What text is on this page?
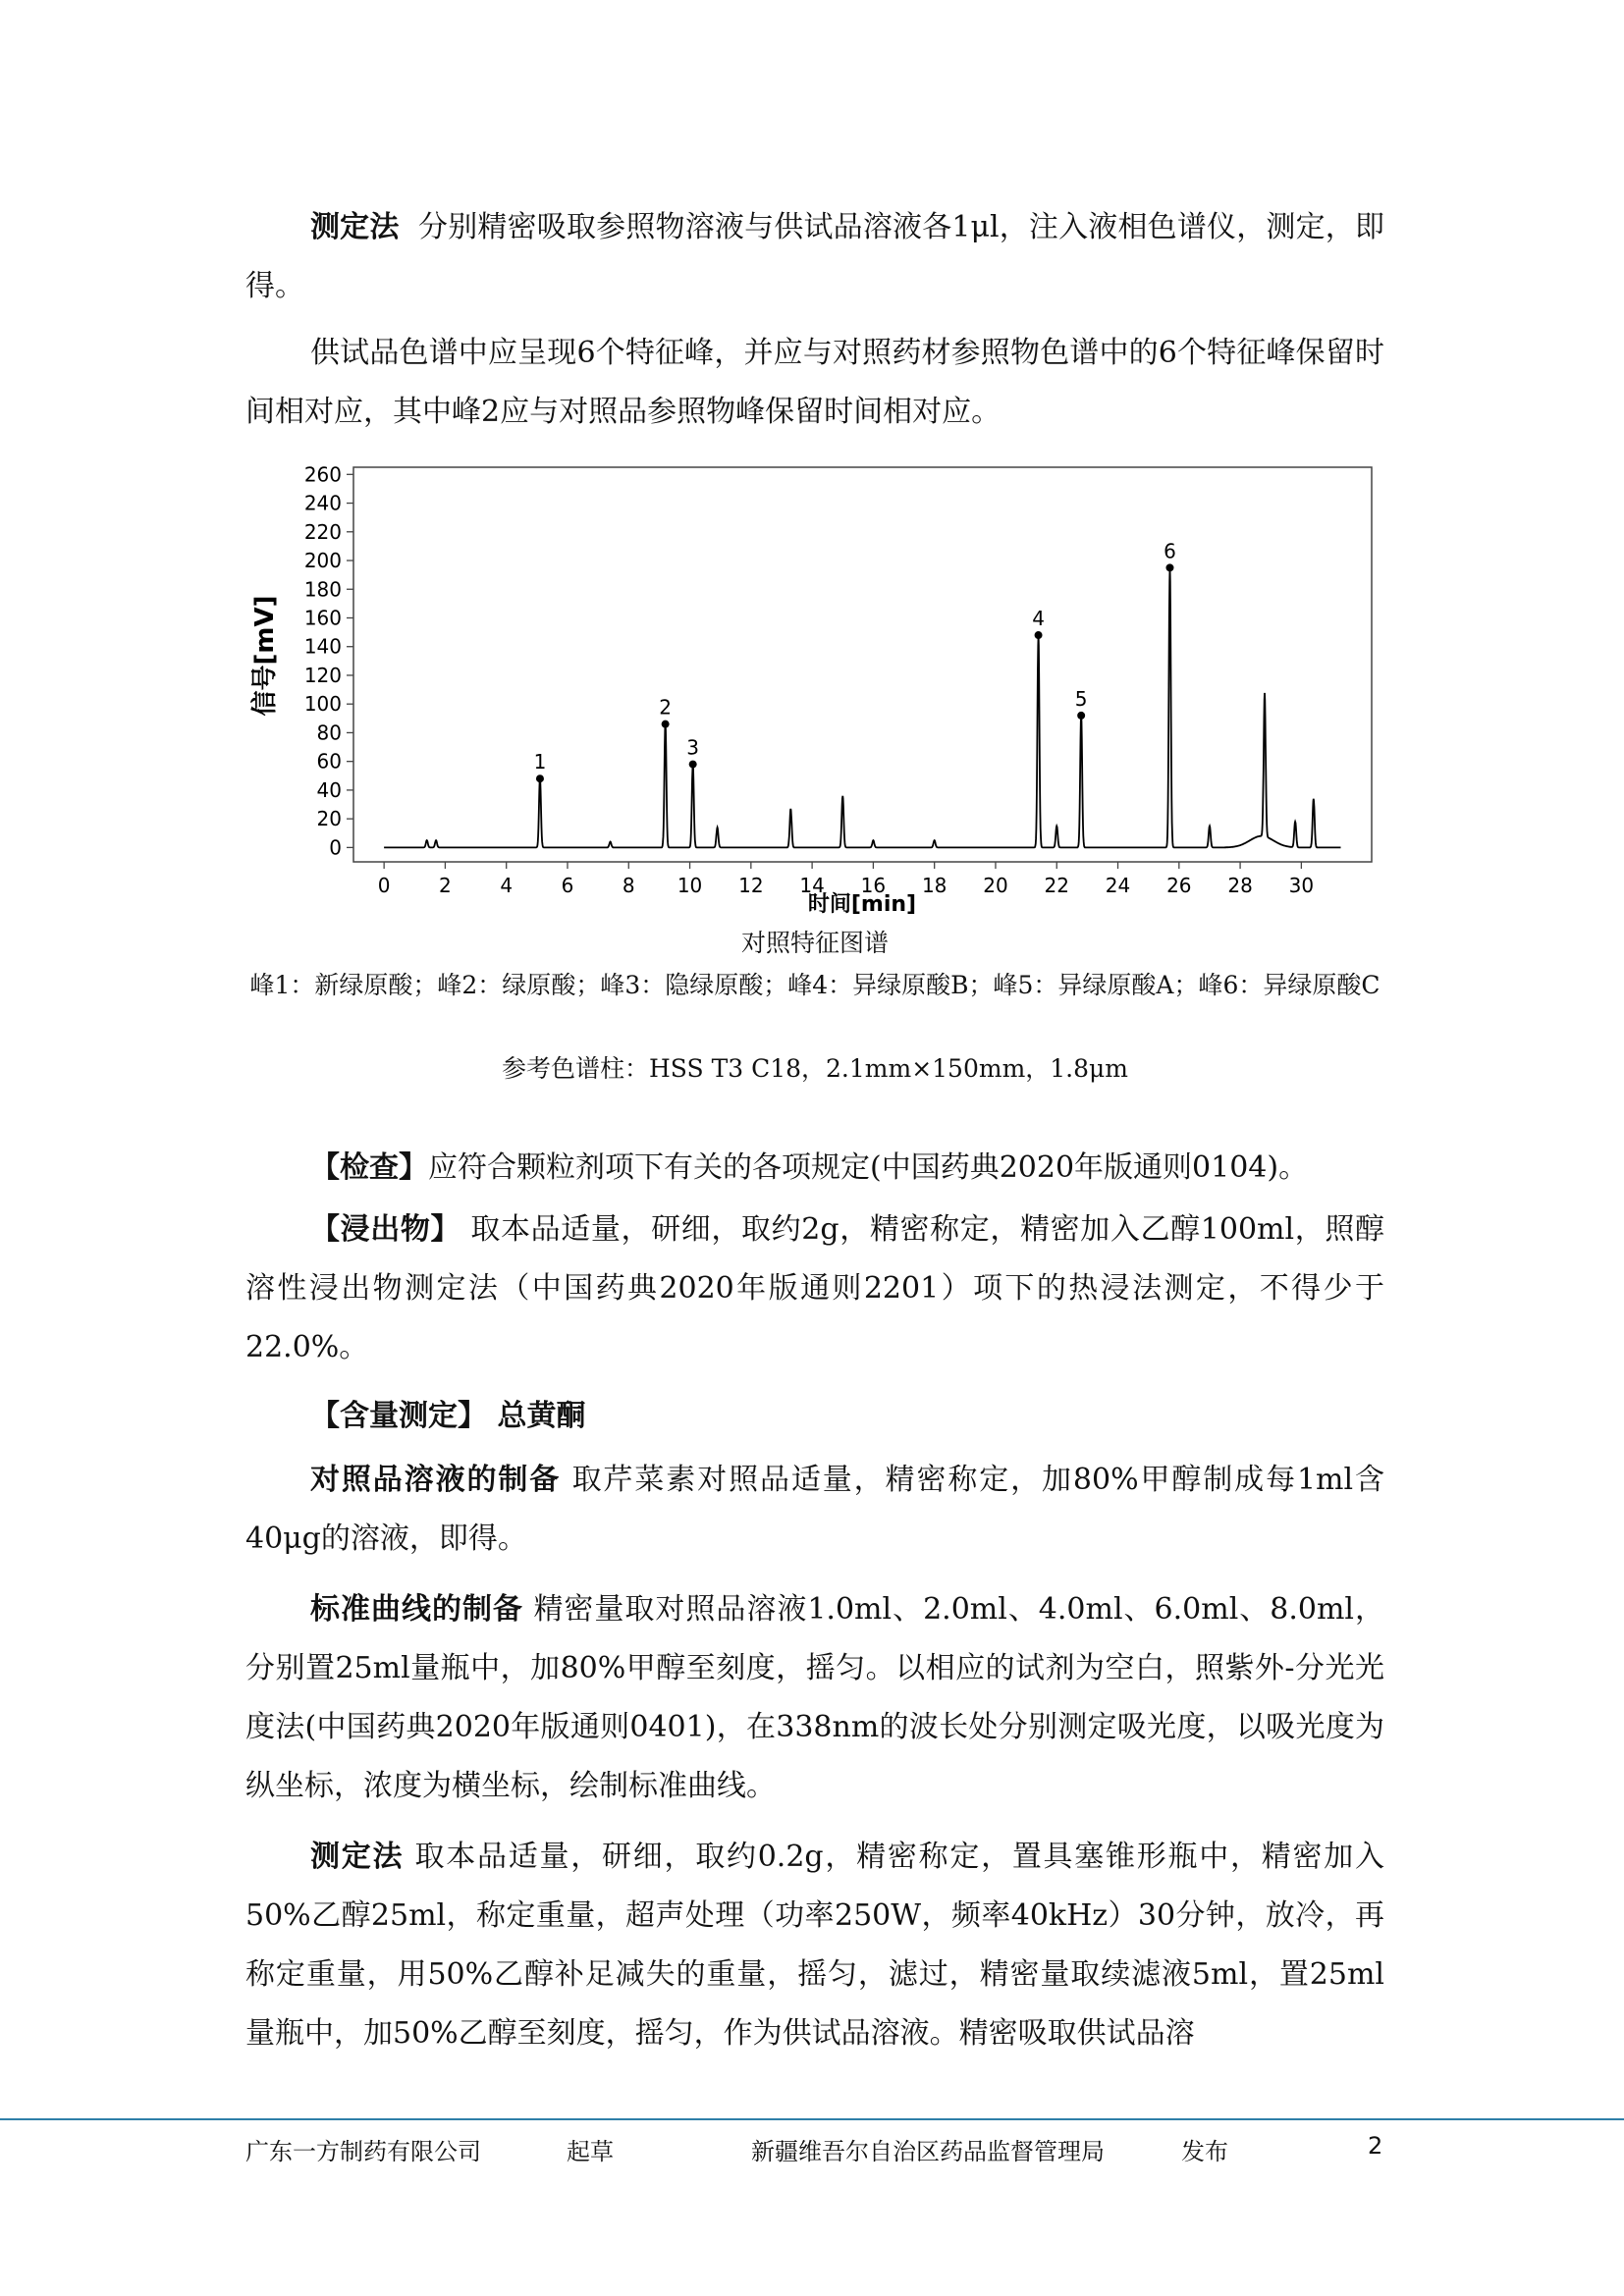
测定法 分别精密吸取参照物溶液与供试品溶液各1μl，注入液相色谱仪，测定，即得。

供试品色谱中应呈现6个特征峰，并应与对照药材参照物色谱中的6个特征峰保留时间相对应，其中峰2应与对照品参照物峰保留时间相对应。

0
20
40
60
80
100
120
140
160
180
200
220
240
260
0 2 4 6 8 10 12 14 16 18 20 22 24 26 28 30
1
2
3
4
5
6
信号[mV]
时间[min]

对照特征图谱

峰1：新绿原酸；峰2：绿原酸；峰3：隐绿原酸；峰4：异绿原酸B；峰5：异绿原酸A；峰6：异绿原酸C

参考色谱柱：HSS T3 C18，2.1mm×150mm，1.8μm

【检查】应符合颗粒剂项下有关的各项规定(中国药典2020年版通则0104)。

【浸出物】 取本品适量，研细，取约2g，精密称定，精密加入乙醇100ml，照醇溶性浸出物测定法（中国药典2020年版通则2201）项下的热浸法测定，不得少于22.0%。

【含量测定】 总黄酮

对照品溶液的制备 取芹菜素对照品适量，精密称定，加80%甲醇制成每1ml含40μg的溶液，即得。

标准曲线的制备 精密量取对照品溶液1.0ml、2.0ml、4.0ml、6.0ml、8.0ml，分别置25ml量瓶中，加80%甲醇至刻度，摇匀。以相应的试剂为空白，照紫外-分光光度法(中国药典2020年版通则0401)，在338nm的波长处分别测定吸光度，以吸光度为纵坐标，浓度为横坐标，绘制标准曲线。

测定法 取本品适量，研细，取约0.2g，精密称定，置具塞锥形瓶中，精密加入50%乙醇25ml，称定重量，超声处理（功率250W，频率40kHz）30分钟，放冷，再称定重量，用50%乙醇补足减失的重量，摇匀，滤过，精密量取续滤液5ml，置25ml量瓶中，加50%乙醇至刻度，摇匀，作为供试品溶液。精密吸取供试品溶

广东一方制药有限公司	起草	新疆维吾尔自治区药品监督管理局	发布	2
